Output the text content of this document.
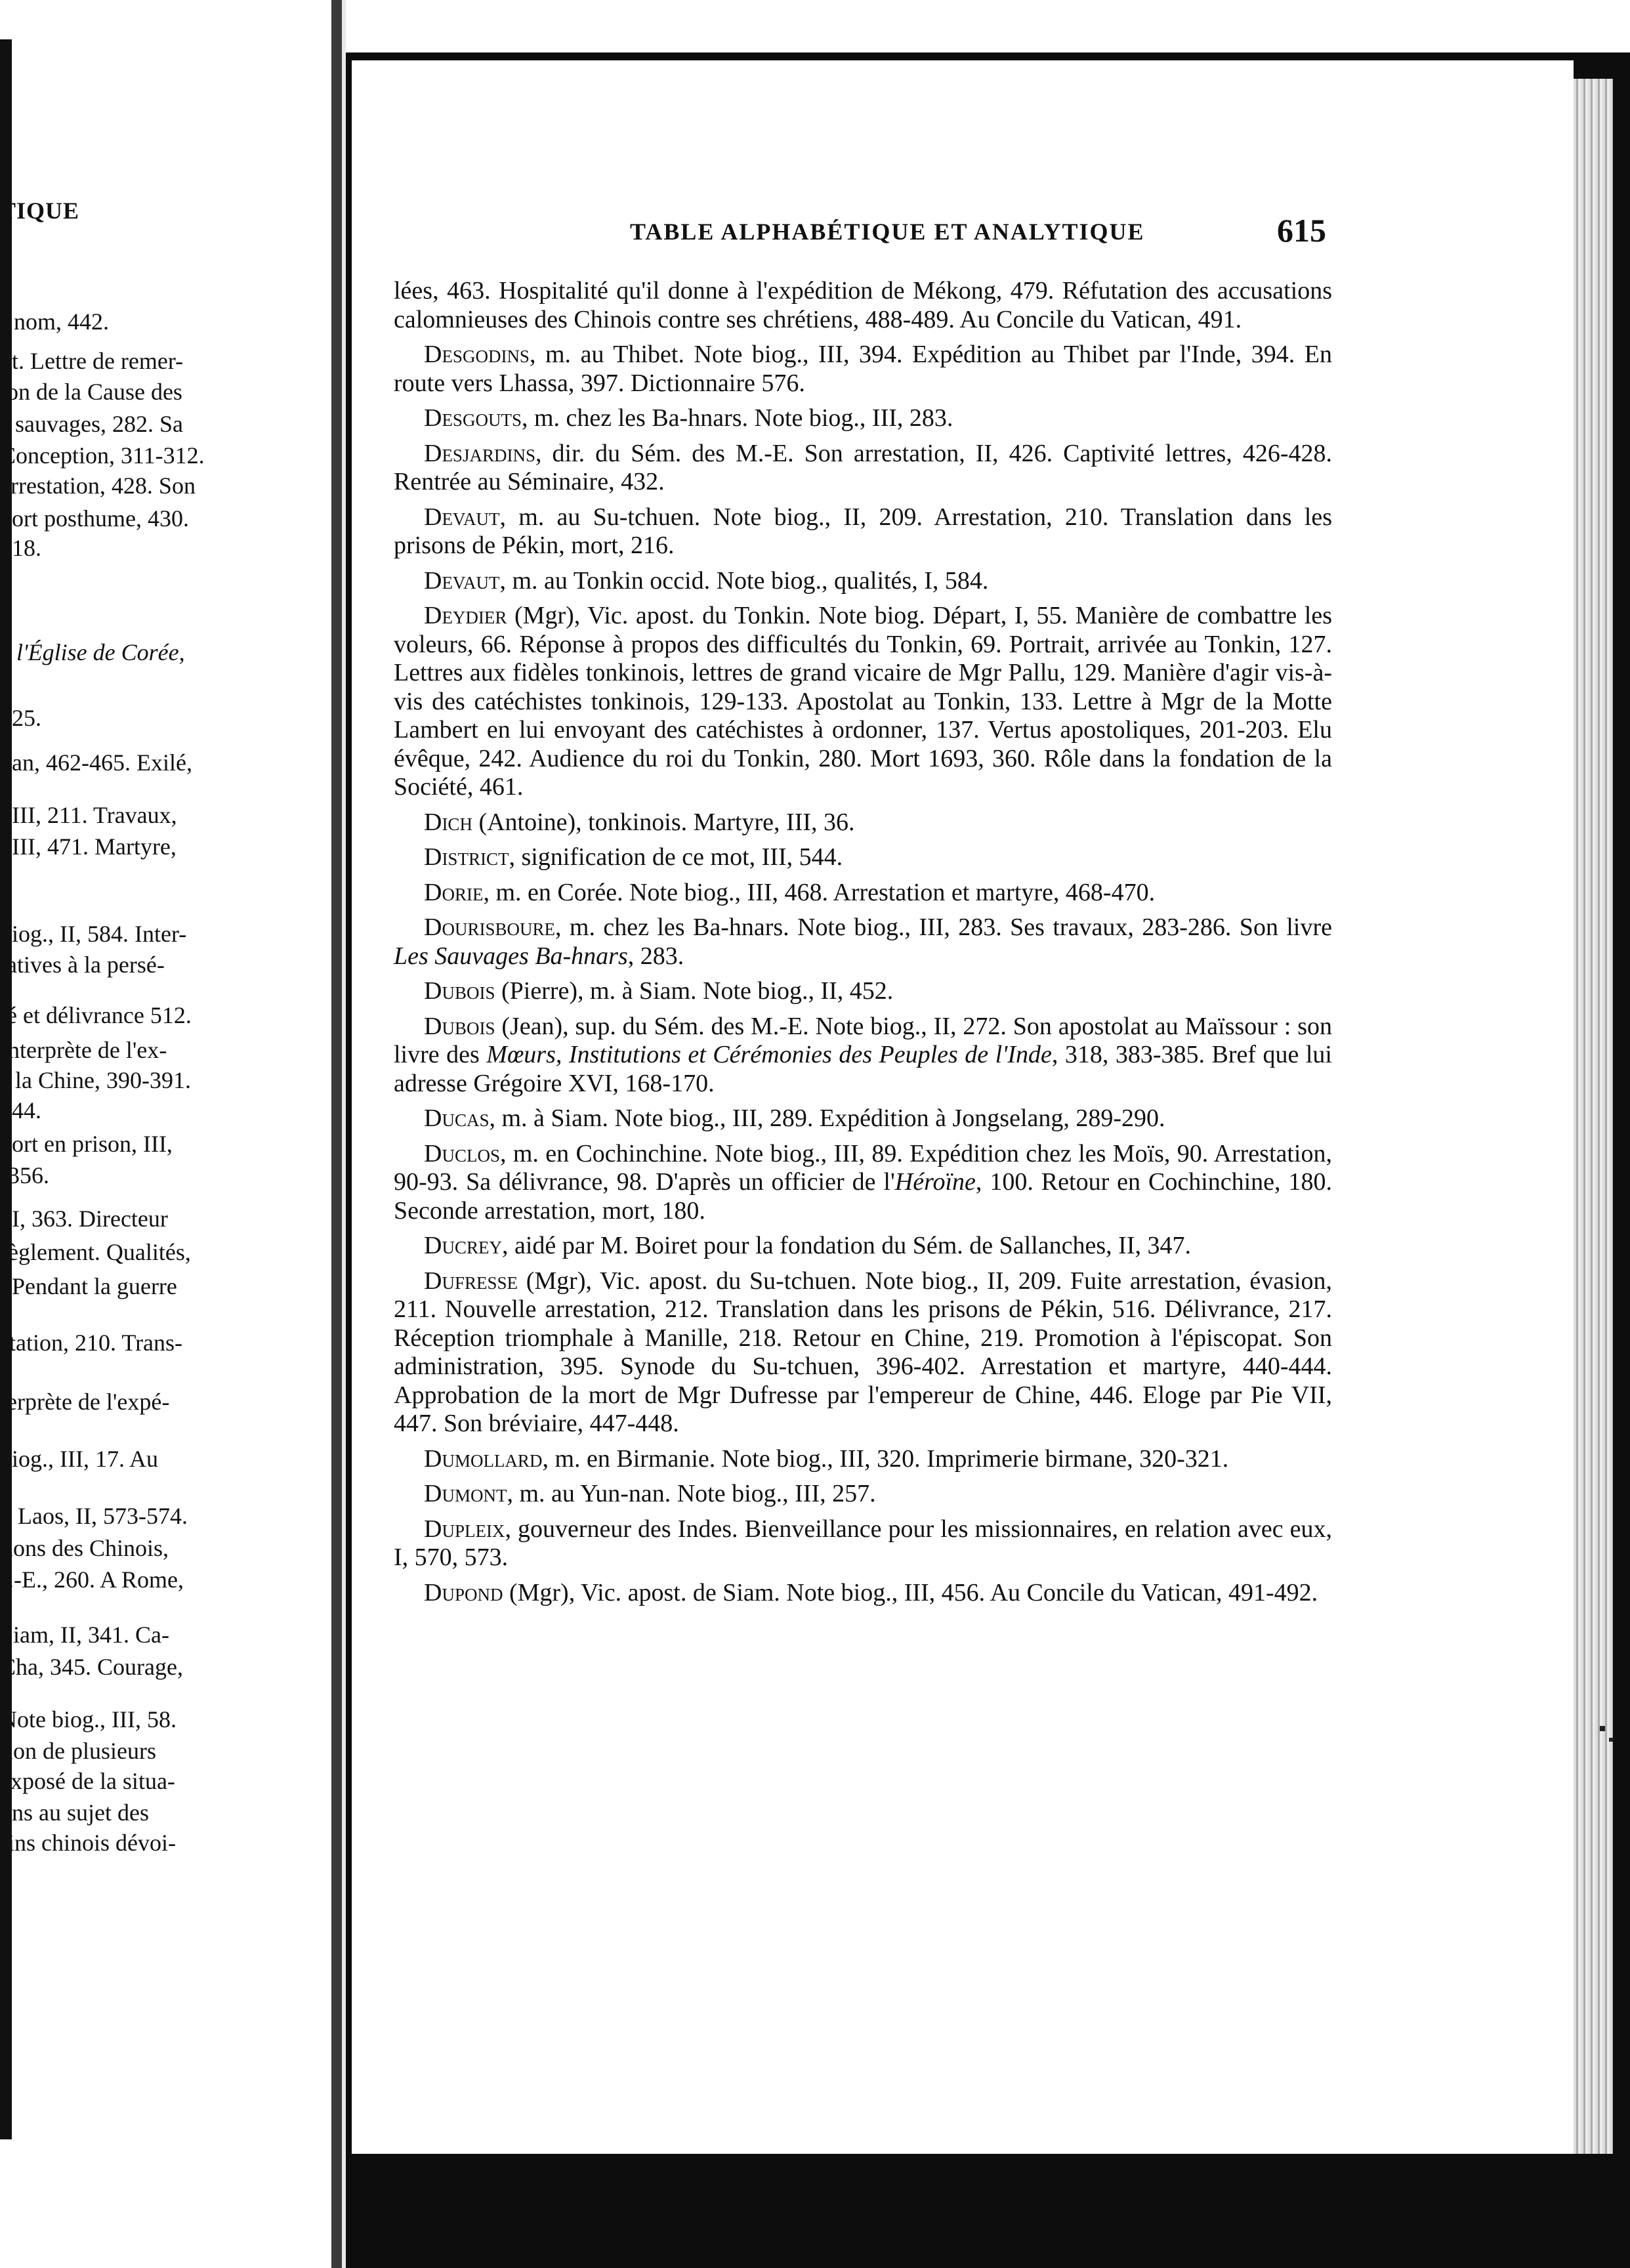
TIQUE
r nom, 442.
nt. Lettre de remer-
ion de la Cause des
s sauvages, 282. Sa
Conception, 311-312.
arrestation, 428. Son
nort posthume, 430.
518.
e l'Église de Corée,
325.
nan, 462-465. Exilé,
, III, 211. Travaux,
, III, 471. Martyre,
biog., II, 584. Inter-
latives à la persé-
té et délivrance 512.
Interprète de l'ex-
s la Chine, 390-391.
444.
nort en prison, III,
-356.
, I, 363. Directeur
règlement. Qualités,
. Pendant la guerre
station, 210. Trans-
terprète de l'expé-
biog., III, 17. Au
u Laos, II, 573-574.
tions des Chinois,
I.-E., 260. A Rome,
Siam, II, 341. Ca-
Cha, 345. Courage,
Note biog., III, 58.
tion de plusieurs
exposé de la situa-
ons au sujet des
rins chinois dévoi-
TABLE ALPHABÉTIQUE ET ANALYTIQUE	615

lées, 463. Hospitalité qu'il donne à l'expédition de Mékong, 479. Réfutation des accusations calomnieuses des Chinois contre ses chrétiens, 488-489. Au Concile du Vatican, 491.

Desgodins, m. au Thibet. Note biog., III, 394. Expédition au Thibet par l'Inde, 394. En route vers Lhassa, 397. Dictionnaire 576.

Desgouts, m. chez les Ba-hnars. Note biog., III, 283.

Desjardins, dir. du Sém. des M.-E. Son arrestation, II, 426. Captivité lettres, 426-428. Rentrée au Séminaire, 432.

Devaut, m. au Su-tchuen. Note biog., II, 209. Arrestation, 210. Translation dans les prisons de Pékin, mort, 216.

Devaut, m. au Tonkin occid. Note biog., qualités, I, 584.

Deydier (Mgr), Vic. apost. du Tonkin. Note biog. Départ, I, 55. Manière de combattre les voleurs, 66. Réponse à propos des difficultés du Tonkin, 69. Portrait, arrivée au Tonkin, 127. Lettres aux fidèles tonkinois, lettres de grand vicaire de Mgr Pallu, 129. Manière d'agir vis-à-vis des catéchistes tonkinois, 129-133. Apostolat au Tonkin, 133. Lettre à Mgr de la Motte Lambert en lui envoyant des catéchistes à ordonner, 137. Vertus apostoliques, 201-203. Elu évêque, 242. Audience du roi du Tonkin, 280. Mort 1693, 360. Rôle dans la fondation de la Société, 461.

Dich (Antoine), tonkinois. Martyre, III, 36.

District, signification de ce mot, III, 544.

Dorie, m. en Corée. Note biog., III, 468. Arrestation et martyre, 468-470.

Dourisboure, m. chez les Ba-hnars. Note biog., III, 283. Ses travaux, 283-286. Son livre Les Sauvages Ba-hnars, 283.

Dubois (Pierre), m. à Siam. Note biog., II, 452.

Dubois (Jean), sup. du Sém. des M.-E. Note biog., II, 272. Son apostolat au Maïssour : son livre des Mœurs, Institutions et Cérémonies des Peuples de l'Inde, 318, 383-385. Bref que lui adresse Grégoire XVI, 168-170.

Ducas, m. à Siam. Note biog., III, 289. Expédition à Jongselang, 289-290.

Duclos, m. en Cochinchine. Note biog., III, 89. Expédition chez les Moïs, 90. Arrestation, 90-93. Sa délivrance, 98. D'après un officier de l'Héroïne, 100. Retour en Cochinchine, 180. Seconde arrestation, mort, 180.

Ducrey, aidé par M. Boiret pour la fondation du Sém. de Sallanches, II, 347.

Dufresse (Mgr), Vic. apost. du Su-tchuen. Note biog., II, 209. Fuite arrestation, évasion, 211. Nouvelle arrestation, 212. Translation dans les prisons de Pékin, 516. Délivrance, 217. Réception triomphale à Manille, 218. Retour en Chine, 219. Promotion à l'épiscopat. Son administration, 395. Synode du Su-tchuen, 396-402. Arrestation et martyre, 440-444. Approbation de la mort de Mgr Dufresse par l'empereur de Chine, 446. Eloge par Pie VII, 447. Son bréviaire, 447-448.

Dumollard, m. en Birmanie. Note biog., III, 320. Imprimerie birmane, 320-321.

Dumont, m. au Yun-nan. Note biog., III, 257.

Dupleix, gouverneur des Indes. Bienveillance pour les missionnaires, en relation avec eux, I, 570, 573.

Dupond (Mgr), Vic. apost. de Siam. Note biog., III, 456. Au Concile du Vatican, 491-492.
